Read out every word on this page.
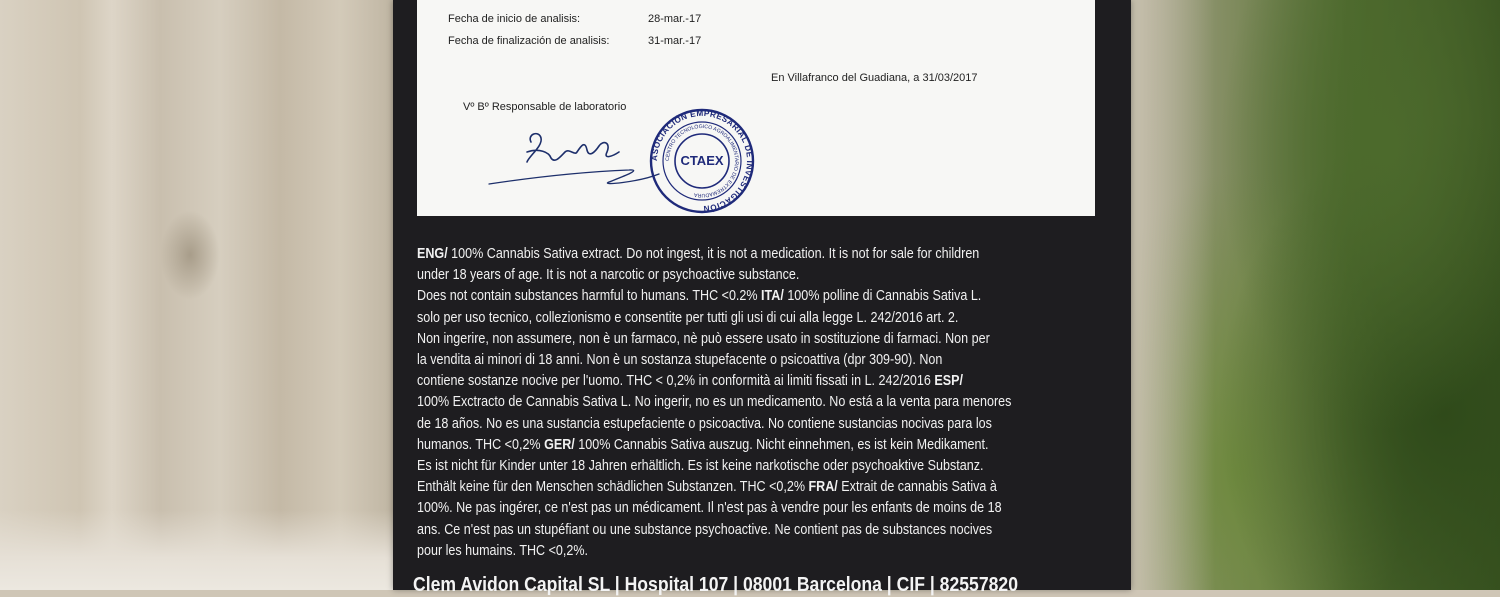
Fecha de inicio de analisis:	28-mar.-17
Fecha de finalización de analisis:	31-mar.-17
En Villafranco del Guadiana, a 31/03/2017
Vº Bº Responsable de laboratorio
ASOCIACIÓN EMPRESARIAL DE INVESTIGACIÓN
CENTRO TECNOLÓGICO AGROALIMENTARIO DE EXTREMADURA
CTAEX

ENG/ 100% Cannabis Sativa extract. Do not ingest, it is not a medication. It is not for sale for children

under 18 years of age. It is not a narcotic or psychoactive substance.

Does not contain substances harmful to humans. THC <0.2% ITA/ 100% polline di Cannabis Sativa L.

solo per uso tecnico, collezionismo e consentite per tutti gli usi di cui alla legge L. 242/2016 art. 2.

Non ingerire, non assumere, non è un farmaco, nè può essere usato in sostituzione di farmaci. Non per

la vendita ai minori di 18 anni. Non è un sostanza stupefacente o psicoattiva (dpr 309-90). Non

contiene sostanze nocive per l'uomo. THC < 0,2% in conformità ai limiti fissati in L. 242/2016 ESP/

100% Exctracto de Cannabis Sativa L. No ingerir, no es un medicamento. No está a la venta para menores

de 18 años. No es una sustancia estupefaciente o psicoactiva. No contiene sustancias nocivas para los

humanos. THC <0,2% GER/ 100% Cannabis Sativa auszug. Nicht einnehmen, es ist kein Medikament.

Es ist nicht für Kinder unter 18 Jahren erhältlich. Es ist keine narkotische oder psychoaktive Substanz.

Enthält keine für den Menschen schädlichen Substanzen. THC <0,2% FRA/ Extrait de cannabis Sativa à

100%. Ne pas ingérer, ce n'est pas un médicament. Il n'est pas à vendre pour les enfants de moins de 18

ans. Ce n'est pas un stupéfiant ou une substance psychoactive. Ne contient pas de substances nocives

pour les humains. THC <0,2%.

Clem Avidon Capital SL | Hospital 107 | 08001 Barcelona | CIF | 82557820
